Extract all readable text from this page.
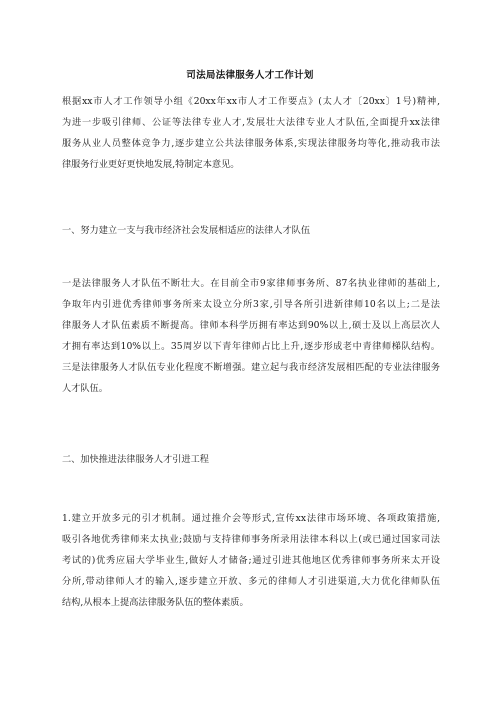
司法局法律服务人才工作计划
根据xx市人才工作领导小组《20xx年xx市人才工作要点》(太人才〔20xx〕1号)精神,
为进一步吸引律师、公证等法律专业人才,发展壮大法律专业人才队伍,全面提升xx法律
服务从业人员整体竞争力,逐步建立公共法律服务体系,实现法律服务均等化,推动我市法
律服务行业更好更快地发展,特制定本意见。
一、努力建立一支与我市经济社会发展相适应的法律人才队伍
一是法律服务人才队伍不断壮大。在目前全市9家律师事务所、87名执业律师的基础上,
争取年内引进优秀律师事务所来太设立分所3家,引导各所引进新律师10名以上;二是法
律服务人才队伍素质不断提高。律师本科学历拥有率达到90%以上,硕士及以上高层次人
才拥有率达到10%以上。35周岁以下青年律师占比上升,逐步形成老中青律师梯队结构。
三是法律服务人才队伍专业化程度不断增强。建立起与我市经济发展相匹配的专业法律服务
人才队伍。
二、加快推进法律服务人才引进工程
1.建立开放多元的引才机制。通过推介会等形式,宣传xx法律市场环境、各项政策措施,
吸引各地优秀律师来太执业;鼓励与支持律师事务所录用法律本科以上(或已通过国家司法
考试的)优秀应届大学毕业生,做好人才储备;通过引进其他地区优秀律师事务所来太开设
分所,带动律师人才的输入,逐步建立开放、多元的律师人才引进渠道,大力优化律师队伍
结构,从根本上提高法律服务队伍的整体素质。
